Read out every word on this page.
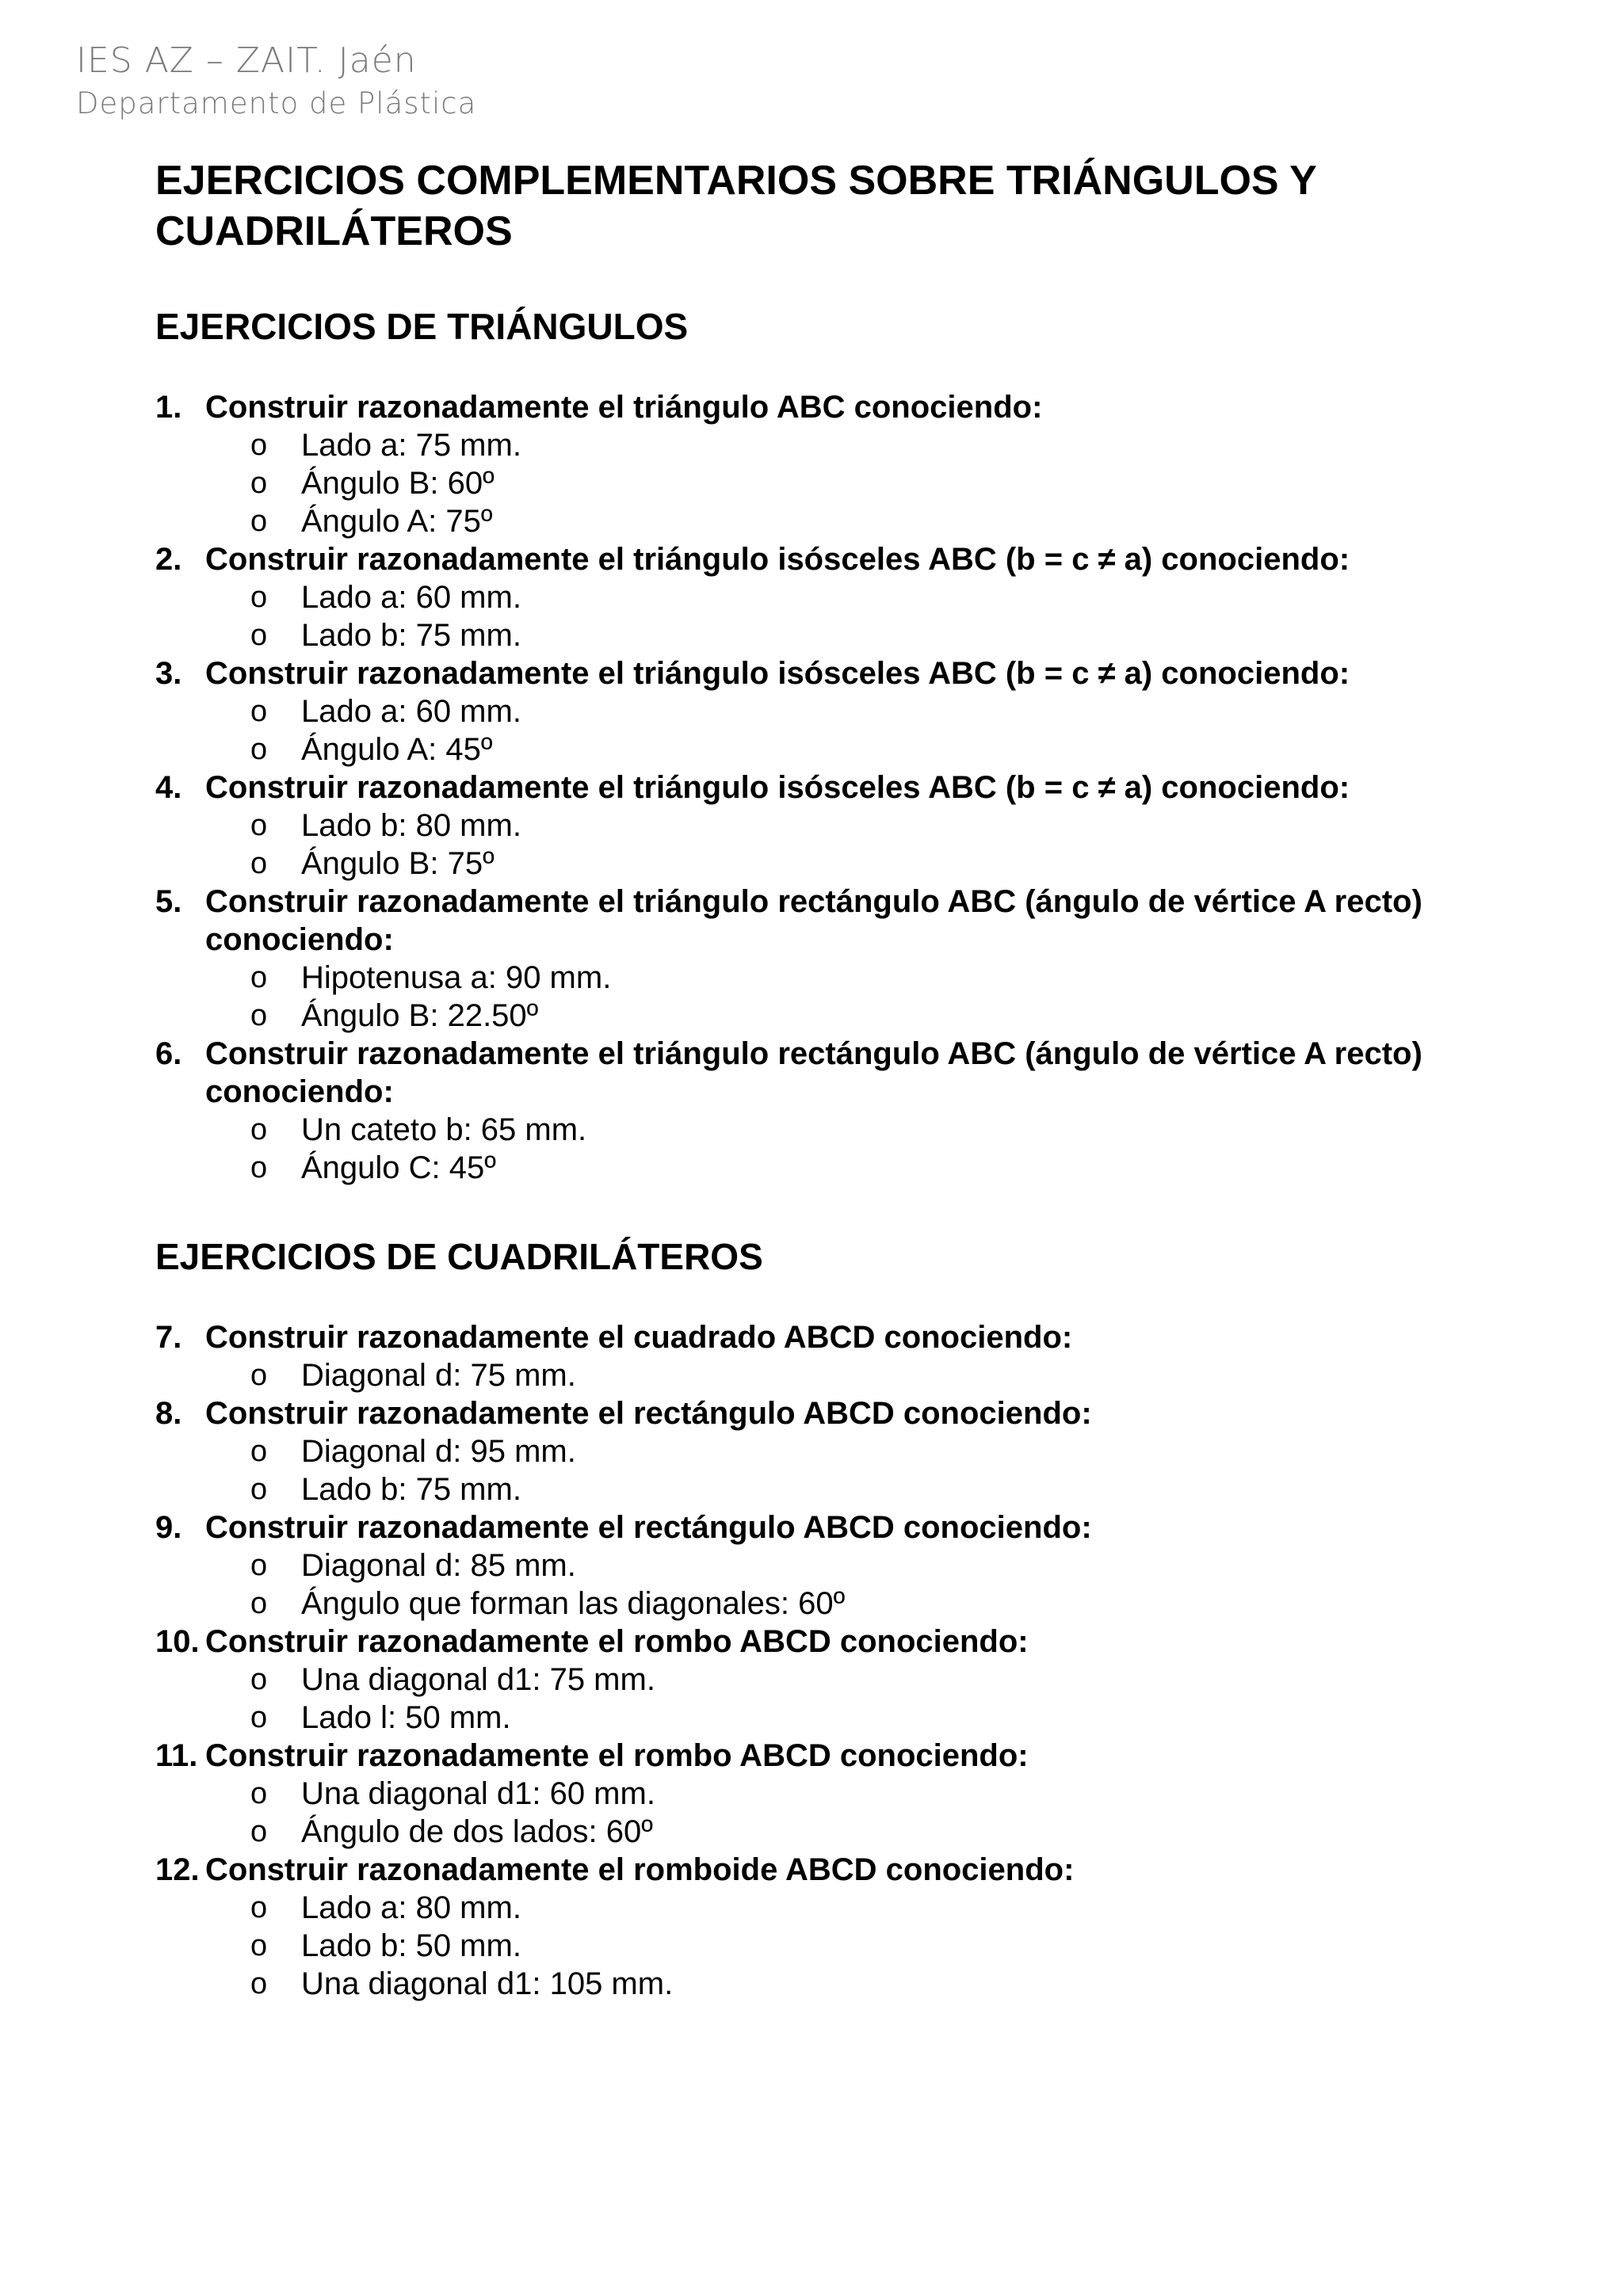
IES AZ – ZAIT. Jaén
Departamento de Plástica
EJERCICIOS COMPLEMENTARIOS SOBRE TRIÁNGULOS Y CUADRILÁTEROS
EJERCICIOS DE TRIÁNGULOS
1. Construir razonadamente el triángulo ABC conociendo:
o	Lado a: 75 mm.
o	Ángulo B: 60º
o	Ángulo A: 75º
2. Construir razonadamente el triángulo isósceles ABC (b = c ≠ a) conociendo:
o	Lado a: 60 mm.
o	Lado b: 75 mm.
3. Construir razonadamente el triángulo isósceles ABC (b = c ≠ a) conociendo:
o	Lado a: 60 mm.
o	Ángulo A: 45º
4. Construir razonadamente el triángulo isósceles ABC (b = c ≠ a) conociendo:
o	Lado b: 80 mm.
o	Ángulo B: 75º
5. Construir razonadamente el triángulo rectángulo ABC (ángulo de vértice A recto) conociendo:
o	Hipotenusa a: 90 mm.
o	Ángulo B: 22.50º
6. Construir razonadamente el triángulo rectángulo ABC (ángulo de vértice A recto) conociendo:
o	Un cateto b: 65 mm.
o	Ángulo C: 45º
EJERCICIOS DE CUADRILÁTEROS
7. Construir razonadamente el cuadrado ABCD conociendo:
o	Diagonal d: 75 mm.
8. Construir razonadamente el rectángulo ABCD conociendo:
o	Diagonal d: 95 mm.
o	Lado b: 75 mm.
9. Construir razonadamente el rectángulo ABCD conociendo:
o	Diagonal d: 85 mm.
o	Ángulo que forman las diagonales: 60º
10. Construir razonadamente el rombo ABCD conociendo:
o	Una diagonal d1: 75 mm.
o	Lado l: 50 mm.
11. Construir razonadamente el rombo ABCD conociendo:
o	Una diagonal d1: 60 mm.
o	Ángulo de dos lados: 60º
12. Construir razonadamente el romboide ABCD conociendo:
o	Lado a: 80 mm.
o	Lado b: 50 mm.
o	Una diagonal d1: 105 mm.
